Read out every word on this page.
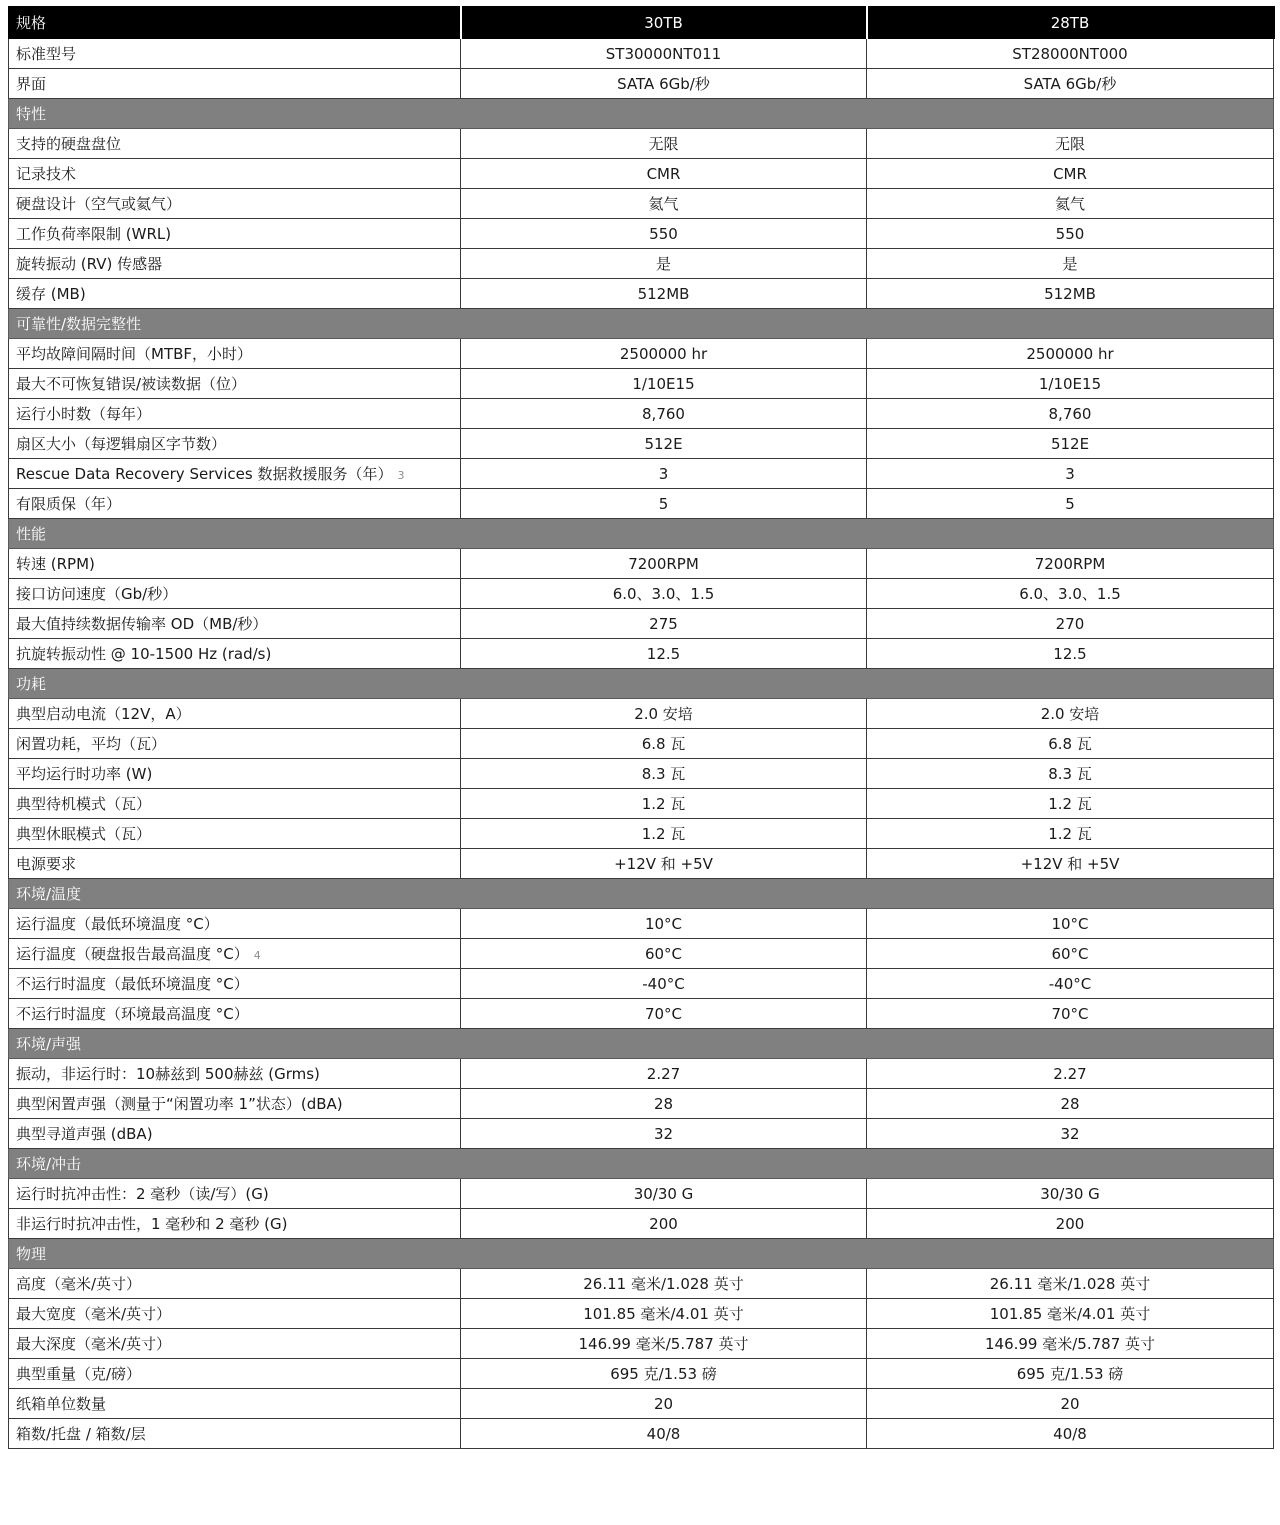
规格	30TB	28TB
标准型号	ST30000NT011	ST28000NT000
界面	SATA 6Gb/秒	SATA 6Gb/秒
特性		
支持的硬盘盘位	无限	无限
记录技术	CMR	CMR
硬盘设计（空气或氦气）	氦气	氦气
工作负荷率限制 (WRL)	550	550
旋转振动 (RV) 传感器	是	是
缓存 (MB)	512MB	512MB
可靠性/数据完整性		
平均故障间隔时间（MTBF，小时）	2500000 hr	2500000 hr
最大不可恢复错误/被读数据（位）	1/10E15	1/10E15
运行小时数（每年）	8,760	8,760
扇区大小（每逻辑扇区字节数）	512E	512E
Rescue Data Recovery Services 数据救援服务（年） 3	3	3
有限质保（年）	5	5
性能		
转速 (RPM)	7200RPM	7200RPM
接口访问速度（Gb/秒）	6.0、3.0、1.5	6.0、3.0、1.5
最大值持续数据传输率 OD（MB/秒）	275	270
抗旋转振动性 @ 10-1500 Hz (rad/s)	12.5	12.5
功耗		
典型启动电流（12V，A）	2.0 安培	2.0 安培
闲置功耗，平均（瓦）	6.8 瓦	6.8 瓦
平均运行时功率 (W)	8.3 瓦	8.3 瓦
典型待机模式（瓦）	1.2 瓦	1.2 瓦
典型休眠模式（瓦）	1.2 瓦	1.2 瓦
电源要求	+12V 和 +5V	+12V 和 +5V
环境/温度		
运行温度（最低环境温度 °C）	10°C	10°C
运行温度（硬盘报告最高温度 °C） 4	60°C	60°C
不运行时温度（最低环境温度 °C）	-40°C	-40°C
不运行时温度（环境最高温度 °C）	70°C	70°C
环境/声强		
振动，非运行时：10赫兹到 500赫兹 (Grms)	2.27	2.27
典型闲置声强（测量于“闲置功率 1”状态）(dBA)	28	28
典型寻道声强 (dBA)	32	32
环境/冲击		
运行时抗冲击性：2 毫秒（读/写）(G)	30/30 G	30/30 G
非运行时抗冲击性，1 毫秒和 2 毫秒 (G)	200	200
物理		
高度（毫米/英寸）	26.11 毫米/1.028 英寸	26.11 毫米/1.028 英寸
最大宽度（毫米/英寸）	101.85 毫米/4.01 英寸	101.85 毫米/4.01 英寸
最大深度（毫米/英寸）	146.99 毫米/5.787 英寸	146.99 毫米/5.787 英寸
典型重量（克/磅）	695 克/1.53 磅	695 克/1.53 磅
纸箱单位数量	20	20
箱数/托盘 / 箱数/层	40/8	40/8
